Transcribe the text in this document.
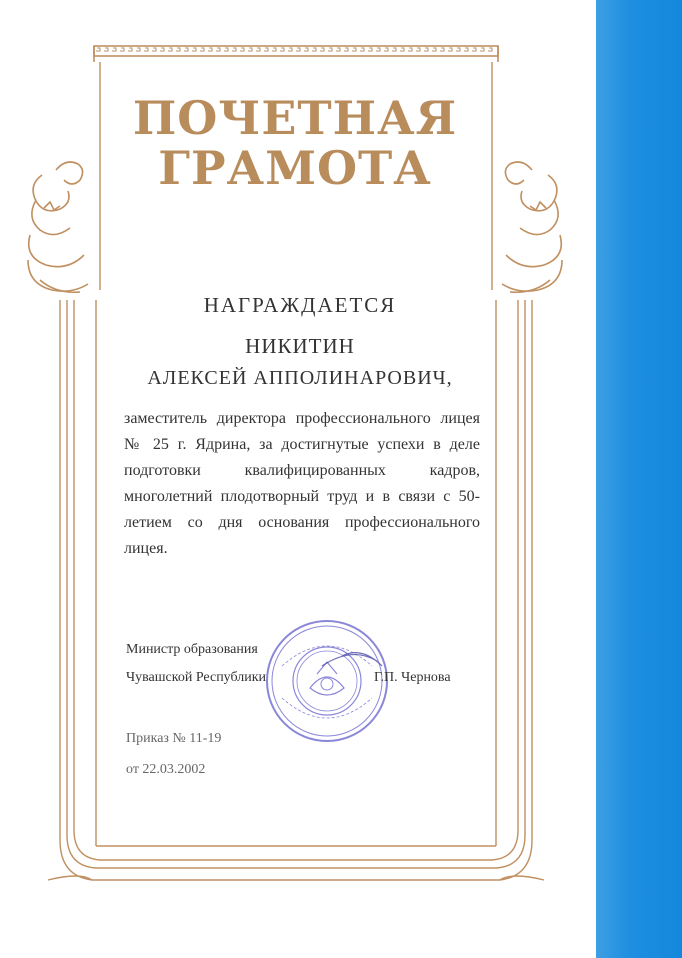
ПОЧЕТНАЯ
ГРАМОТА
НАГРАЖДАЕТСЯ
НИКИТИН
АЛЕКСЕЙ АППОЛИНАРОВИЧ,
заместитель директора профессионального лицея № 25 г. Ядрина, за достигнутые успехи в деле подготовки квалифицированных кадров, многолетний плодотворный труд и в связи с 50-летием со дня основания профессионального лицея.
Министр образования
Чувашской Республики	Г.П. Чернова
Приказ № 11-19
от 22.03.2002
